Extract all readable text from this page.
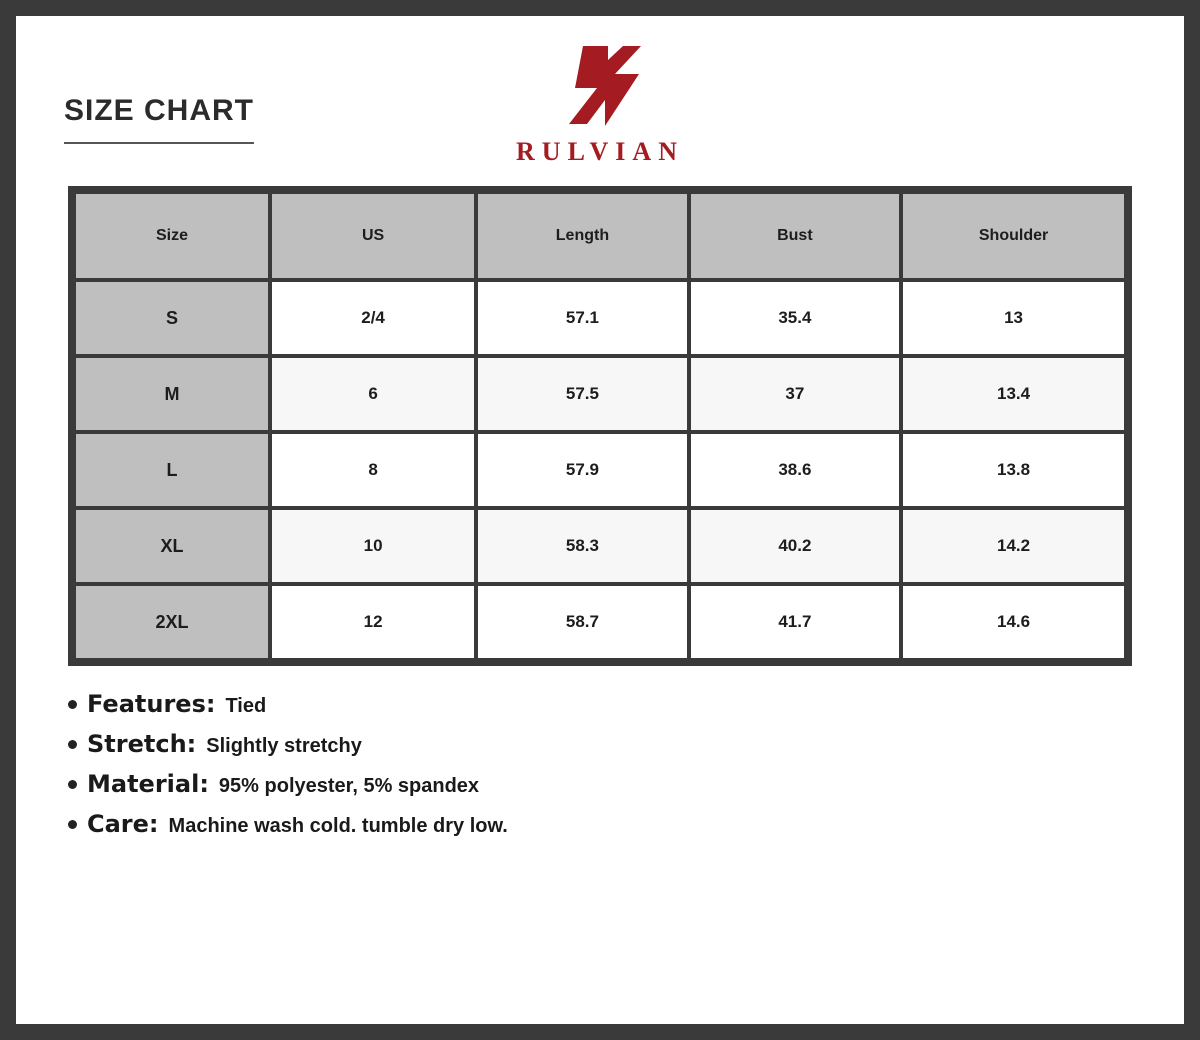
SIZE CHART
RULVIAN
Size	US	Length	Bust	Shoulder
S	2/4	57.1	35.4	13
M	6	57.5	37	13.4
L	8	57.9	38.6	13.8
XL	10	58.3	40.2	14.2
2XL	12	58.7	41.7	14.6
Features: Tied
Stretch: Slightly stretchy
Material: 95% polyester, 5% spandex
Care: Machine wash cold. tumble dry low.
